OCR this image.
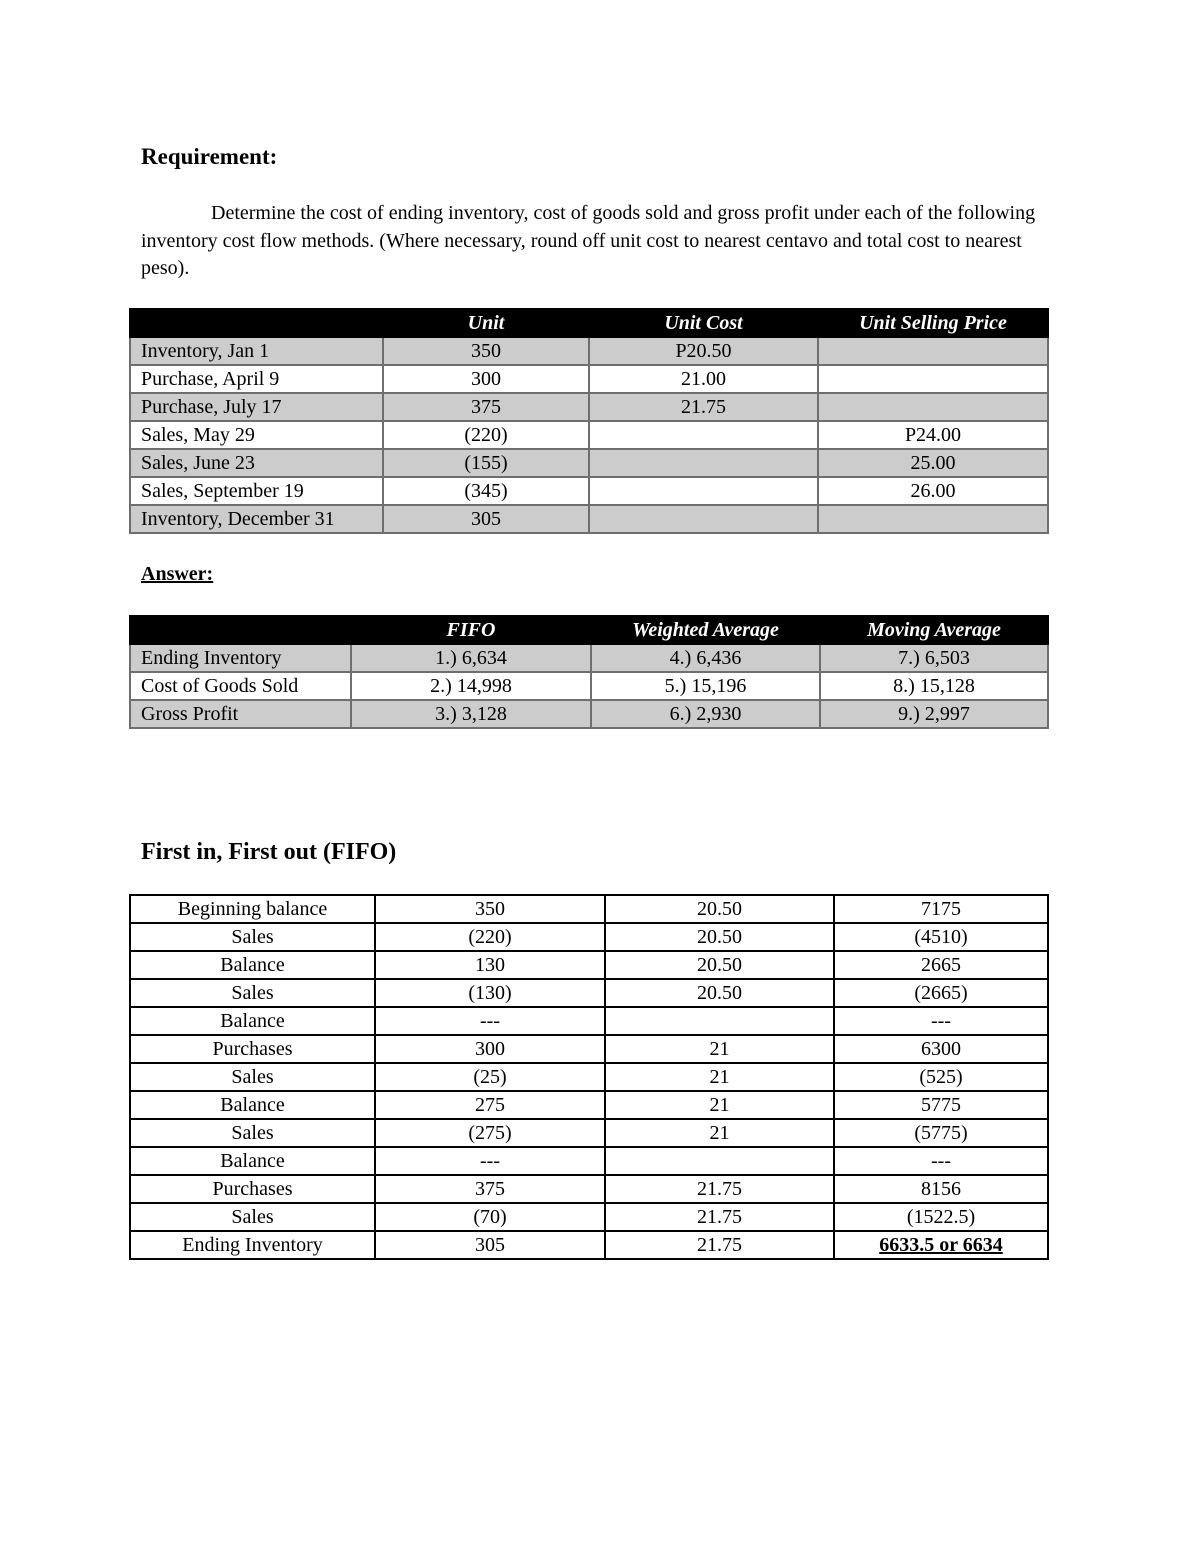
Requirement:
Determine the cost of ending inventory, cost of goods sold and gross profit under each of the following inventory cost flow methods. (Where necessary, round off unit cost to nearest centavo and total cost to nearest peso).
	Unit	Unit Cost	Unit Selling Price
Inventory, Jan 1	350	P20.50	
Purchase, April 9	300	21.00	
Purchase, July 17	375	21.75	
Sales, May 29	(220)		P24.00
Sales, June 23	(155)		25.00
Sales, September 19	(345)		26.00
Inventory, December 31	305		
Answer:
	FIFO	Weighted Average	Moving Average
Ending Inventory	1.) 6,634	4.) 6,436	7.) 6,503
Cost of Goods Sold	2.) 14,998	5.) 15,196	8.) 15,128
Gross Profit	3.) 3,128	6.) 2,930	9.) 2,997
First in, First out (FIFO)
Beginning balance	350	20.50	7175
Sales	(220)	20.50	(4510)
Balance	130	20.50	2665
Sales	(130)	20.50	(2665)
Balance	---		---
Purchases	300	21	6300
Sales	(25)	21	(525)
Balance	275	21	5775
Sales	(275)	21	(5775)
Balance	---		---
Purchases	375	21.75	8156
Sales	(70)	21.75	(1522.5)
Ending Inventory	305	21.75	6633.5 or 6634
